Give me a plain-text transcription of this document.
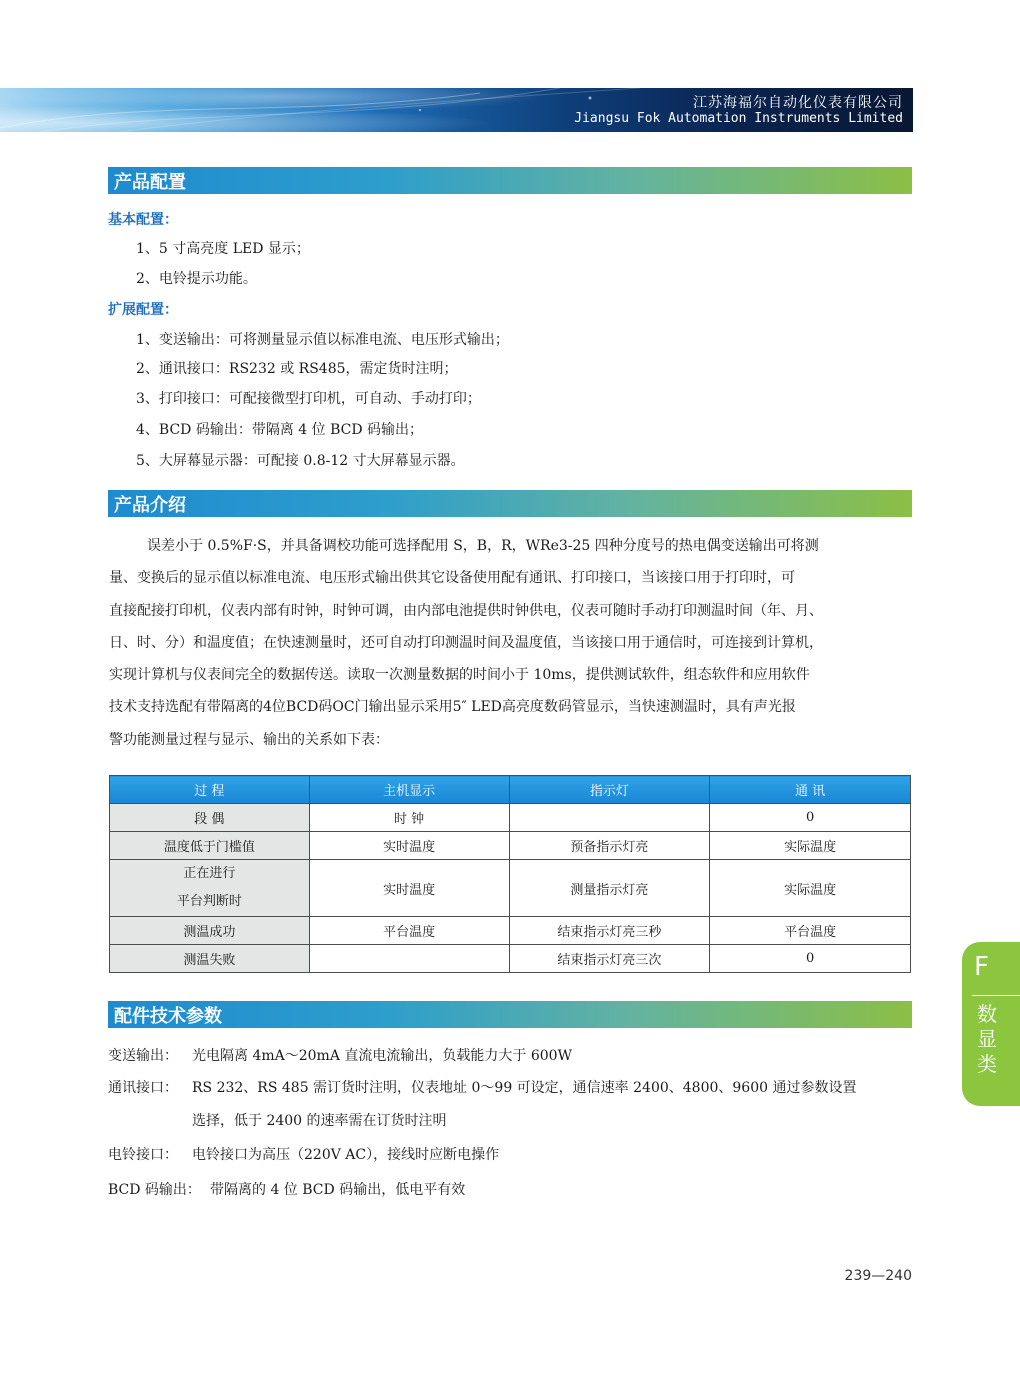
江苏海福尔自动化仪表有限公司
Jiangsu Fok Automation Instruments Limited
产品配置
基本配置：
1、5 寸高亮度 LED 显示；
2、电铃提示功能。
扩展配置：
1、变送输出：可将测量显示值以标准电流、电压形式输出；
2、通讯接口：RS232 或 RS485，需定货时注明；
3、打印接口：可配接微型打印机，可自动、手动打印；
4、BCD 码输出：带隔离 4 位 BCD 码输出；
5、大屏幕显示器：可配接 0.8-12 寸大屏幕显示器。
产品介绍
误差小于 0.5%F·S，并具备调校功能可选择配用 S，B，R，WRe3-25 四种分度号的热电偶变送输出可将测
量、变换后的显示值以标准电流、电压形式输出供其它设备使用配有通讯、打印接口，当该接口用于打印时，可
直接配接打印机，仪表内部有时钟，时钟可调，由内部电池提供时钟供电，仪表可随时手动打印测温时间（年、月、
日、时、分）和温度值；在快速测量时，还可自动打印测温时间及温度值，当该接口用于通信时，可连接到计算机，
实现计算机与仪表间完全的数据传送。读取一次测量数据的时间小于 10ms，提供测试软件，组态软件和应用软件
技术支持选配有带隔离的4位BCD码OC门输出显示采用5″ LED高亮度数码管显示，当快速测温时，具有声光报
警功能测量过程与显示、输出的关系如下表：
过 程	主机显示	指示灯	通 讯
段 偶	时 钟		0
温度低于门槛值	实时温度	预备指示灯亮	实际温度

正在进行
平台判断时	实时温度	测量指示灯亮	实际温度
测温成功	平台温度	结束指示灯亮三秒	平台温度
测温失败		结束指示灯亮三次	0
配件技术参数
变送输出： 光电隔离 4mA～20mA 直流电流输出，负载能力大于 600W
通讯接口： RS 232、RS 485 需订货时注明，仪表地址 0～99 可设定，通信速率 2400、4800、9600 通过参数设置
选择，低于 2400 的速率需在订货时注明
电铃接口： 电铃接口为高压（220V AC），接线时应断电操作
BCD 码输出： 带隔离的 4 位 BCD 码输出，低电平有效
239—240
F
数显类
